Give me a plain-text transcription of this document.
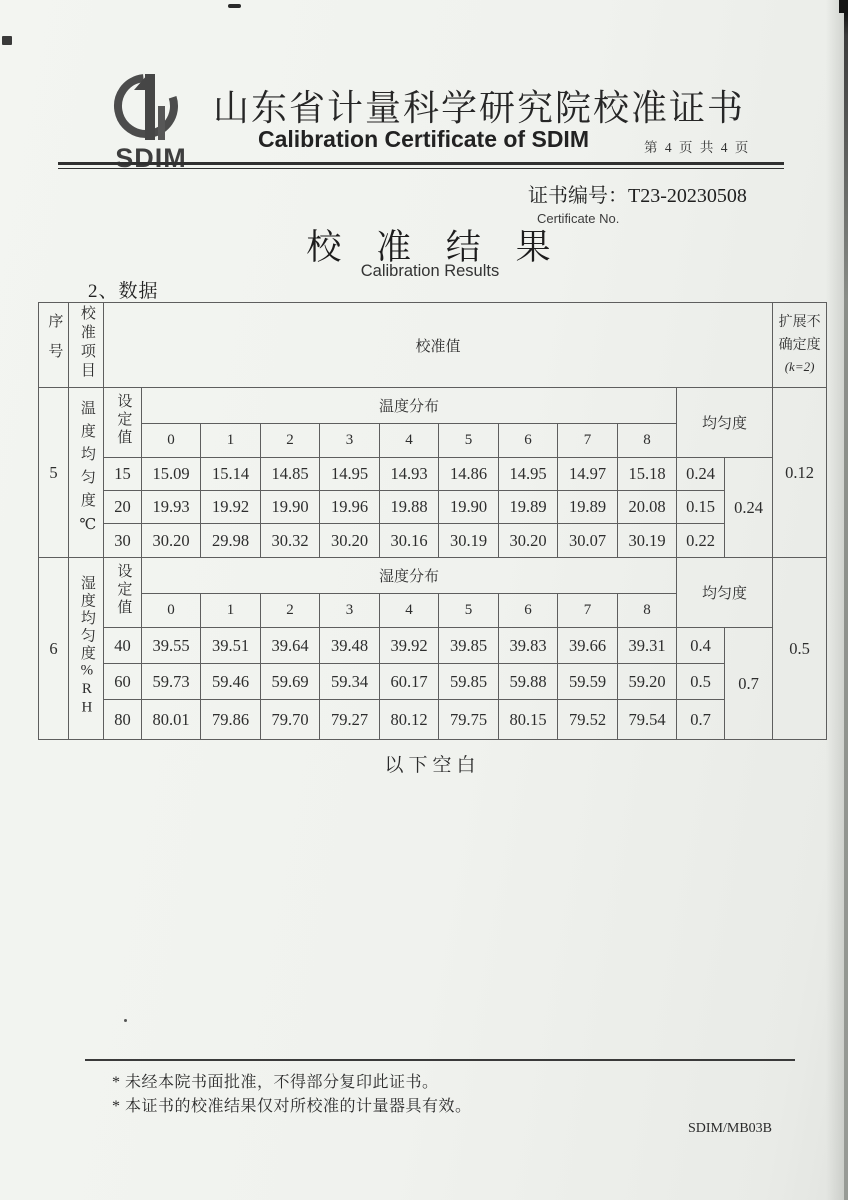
SDIM
山东省计量科学研究院校准证书
Calibration Certificate of SDIM	第 4 页 共 4 页
证书编号：T23-20230508
Certificate No.
校 准 结 果
Calibration Results
2、数据
序号	校准项目	校准值												扩展不确定度
(k=2)

5	温度均匀度℃	设定值	温度分布									均匀度		0.12
			0	1	2	3	4	5	6	7	8			
		15	15.09	15.14	14.85	14.95	14.93	14.86	14.95	14.97	15.18	0.24	0.24	
		20	19.93	19.92	19.90	19.96	19.88	19.90	19.89	19.89	20.08	0.15		
		30	30.20	29.98	30.32	30.20	30.16	30.19	30.20	30.07	30.19	0.22		
6	湿度均匀度%RH	设定值	湿度分布									均匀度		0.5
			0	1	2	3	4	5	6	7	8			
		40	39.55	39.51	39.64	39.48	39.92	39.85	39.83	39.66	39.31	0.4	0.7	
		60	59.73	59.46	59.69	59.34	60.17	59.85	59.88	59.59	59.20	0.5		
		80	80.01	79.86	79.70	79.27	80.12	79.75	80.15	79.52	79.54	0.7		
以下空白
* 未经本院书面批准，不得部分复印此证书。
* 本证书的校准结果仅对所校准的计量器具有效。
SDIM/MB03B
